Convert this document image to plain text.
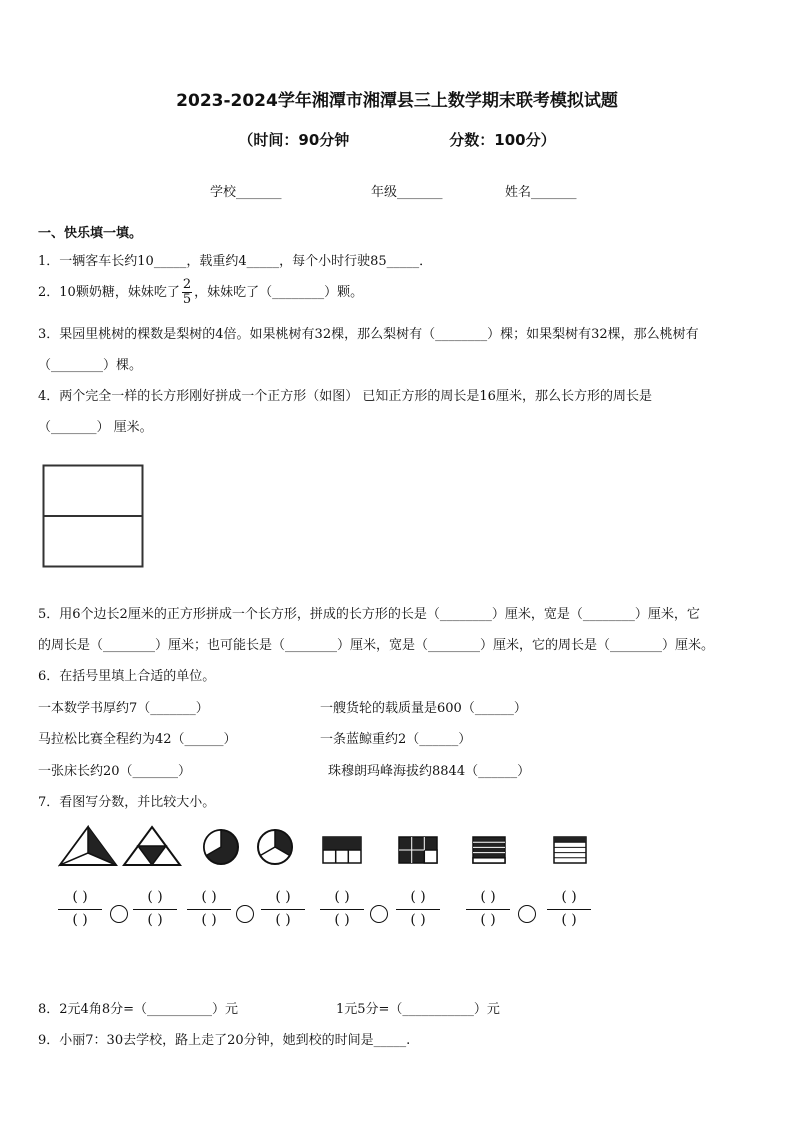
2023-2024学年湘潭市湘潭县三上数学期末联考模拟试题
（时间：90分钟	分数：100分）
学校_______	年级_______	姓名_______
一、快乐填一填。
1．一辆客车长约10_____，载重约4_____，每个小时行驶85_____．
2．10颗奶糖，妹妹吃了 $\frac{2}{5}$ ，妹妹吃了（________）颗。
3．果园里桃树的棵数是梨树的4倍。如果桃树有32棵，那么梨树有（________）棵；如果梨树有32棵，那么桃树有
（________）棵。
4．两个完全一样的长方形刚好拼成一个正方形（如图） 已知正方形的周长是16厘米，那么长方形的周长是
（_______） 厘米。
5．用6个边长2厘米的正方形拼成一个长方形，拼成的长方形的长是（________）厘米，宽是（________）厘米，它
的周长是（________）厘米；也可能长是（________）厘米，宽是（________）厘米，它的周长是（________）厘米。
6．在括号里填上合适的单位。
一本数学书厚约7（_______）	一艘货轮的载质量是600（______）
马拉松比赛全程约为42（______）	一条蓝鲸重约2（______）
一张床长约20（_______）	珠穆朗玛峰海拔约8844（______）
7．看图写分数，并比较大小。
( )
( )
( )
( )
( )
( )
( )
( )
( )
( )
( )
( )
( )
( )
( )
( )
8．2元4角8分=（__________）元	1元5分=（___________）元
9．小丽7：30去学校，路上走了20分钟，她到校的时间是_____.
